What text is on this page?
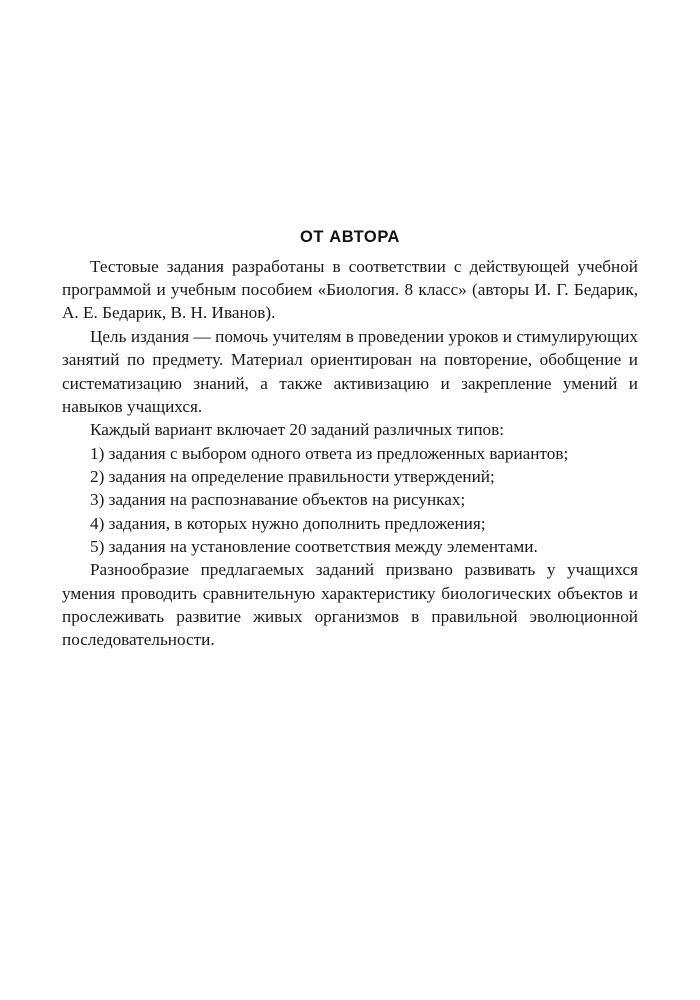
ОТ АВТОРА

Тестовые задания разработаны в соответствии с действующей учебной программой и учебным пособием «Биология. 8 класс» (авторы И. Г. Бедарик, А. Е. Бедарик, В. Н. Иванов).

Цель издания — помочь учителям в проведении уроков и стимулирующих занятий по предмету. Материал ориентирован на повторение, обобщение и систематизацию знаний, а также активизацию и закрепление умений и навыков учащихся.

Каждый вариант включает 20 заданий различных типов:

1) задания с выбором одного ответа из предложенных вариантов;
2) задания на определение правильности утверждений;
3) задания на распознавание объектов на рисунках;
4) задания, в которых нужно дополнить предложения;
5) задания на установление соответствия между элементами.

Разнообразие предлагаемых заданий призвано развивать у учащихся умения проводить сравнительную характеристику биологических объектов и прослеживать развитие живых организмов в правильной эволюционной последовательности.
